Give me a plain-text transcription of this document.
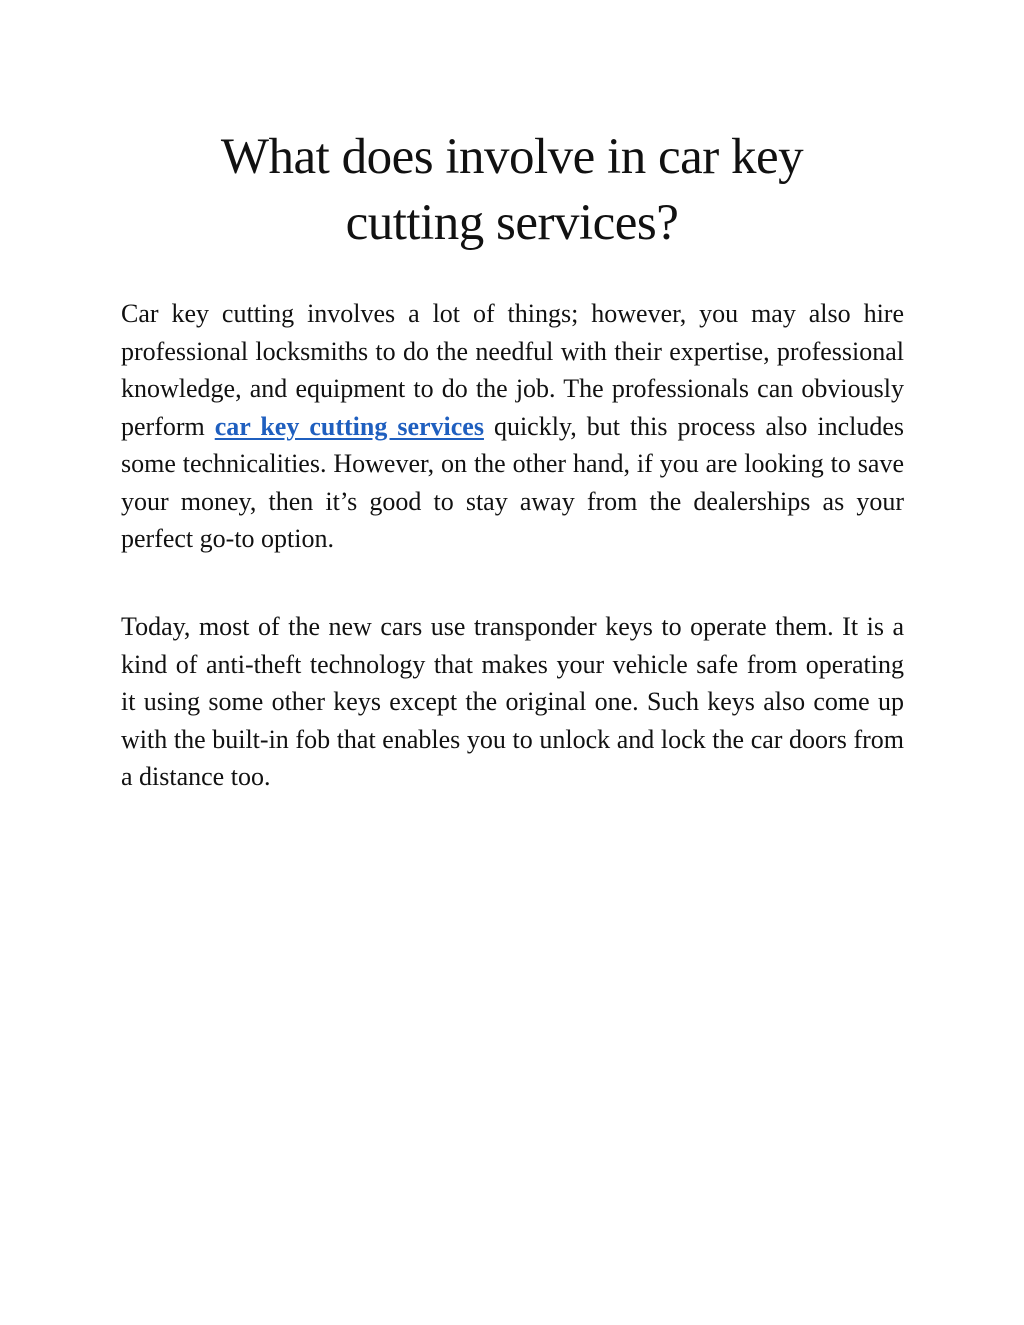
What does involve in car key
cutting services?

Car key cutting involves a lot of things; however, you may also hire professional locksmiths to do the needful with their expertise, professional knowledge, and equipment to do the job. The professionals can obviously perform car key cutting services quickly, but this process also includes some technicalities. However, on the other hand, if you are looking to save your money, then it’s good to stay away from the dealerships as your perfect go-to option.

Today, most of the new cars use transponder keys to operate them. It is a kind of anti-theft technology that makes your vehicle safe from operating it using some other keys except the original one. Such keys also come up with the built-in fob that enables you to unlock and lock the car doors from a distance too.
